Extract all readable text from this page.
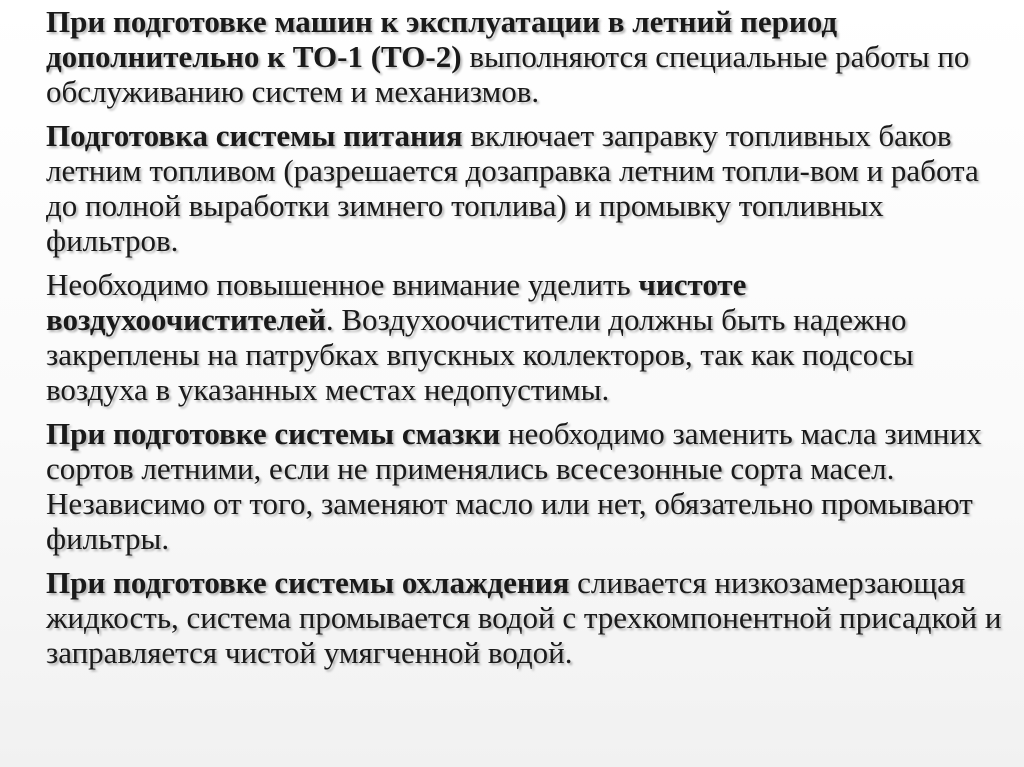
При подготовке машин к эксплуатации в летний период дополнительно к ТО-1 (ТО-2) выполняются специальные работы по обслуживанию систем и механизмов.

Подготовка системы питания включает заправку топливных баков летним топливом (разрешается дозаправка летним топли-вом и работа до полной выработки зимнего топлива) и промывку топливных фильтров.

Необходимо повышенное внимание уделить чистоте воздухоочистителей. Воздухоочистители должны быть надежно закреплены на патрубках впускных коллекторов, так как подсосы воздуха в указанных местах недопустимы.

При подготовке системы смазки необходимо заменить масла зимних сортов летними, если не применялись всесезонные сорта масел. Независимо от того, заменяют масло или нет, обязательно промывают фильтры.

При подготовке системы охлаждения сливается низкозамерзающая жидкость, система промывается водой с трехкомпонентной присадкой и заправляется чистой умягченной водой.
